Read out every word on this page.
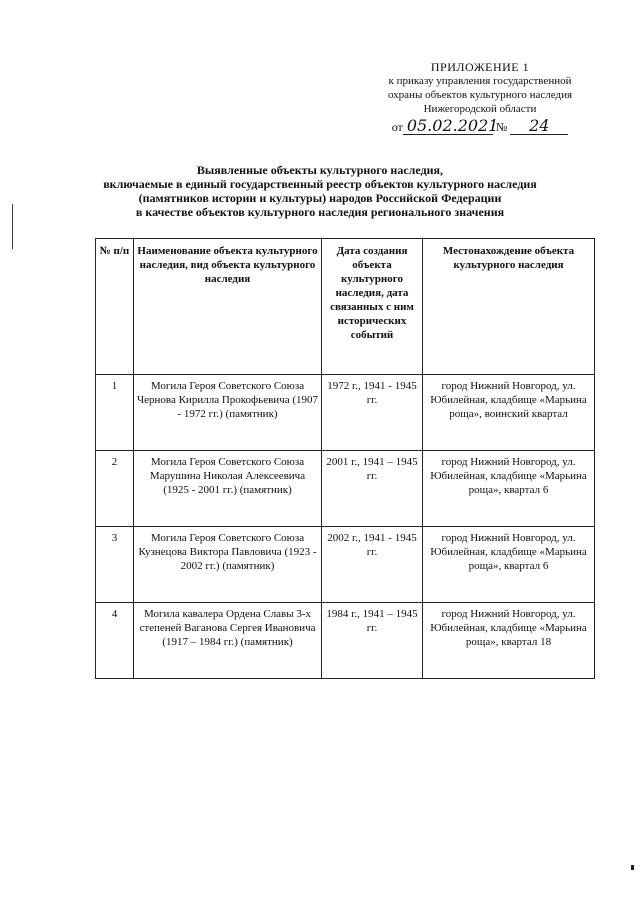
ПРИЛОЖЕНИЕ 1
к приказу управления государственной
охраны объектов культурного наследия
Нижегородской области
от 05.02.2021 № 24
Выявленные объекты культурного наследия,
включаемые в единый государственный реестр объектов культурного наследия
(памятников истории и культуры) народов Российской Федерации
в качестве объектов культурного наследия регионального значения
№ п/п	Наименование объекта культурного наследия, вид объекта культурного наследия	Дата создания объекта культурного наследия, дата связанных с ним исторических событий	Местонахождение объекта культурного наследия
1	Могила Героя Советского Союза Чернова Кирилла Прокофьевича (1907 - 1972 гг.) (памятник)	1972 г., 1941 - 1945 гг.	город Нижний Новгород, ул. Юбилейная, кладбище «Марьина роща», воинский квартал
2	Могила Героя Советского Союза Марушина Николая Алексеевича (1925 - 2001 гг.) (памятник)	2001 г., 1941 – 1945 гг.	город Нижний Новгород, ул. Юбилейная, кладбище «Марьина роща», квартал 6
3	Могила Героя Советского Союза Кузнецова Виктора Павловича (1923 - 2002 гг.) (памятник)	2002 г., 1941 - 1945 гг.	город Нижний Новгород, ул. Юбилейная, кладбище «Марьина роща», квартал 6
4	Могила кавалера Ордена Славы 3-х степеней Ваганова Сергея Ивановича (1917 – 1984 гг.) (памятник)	1984 г., 1941 – 1945 гг.	город Нижний Новгород, ул. Юбилейная, кладбище «Марьина роща», квартал 18
